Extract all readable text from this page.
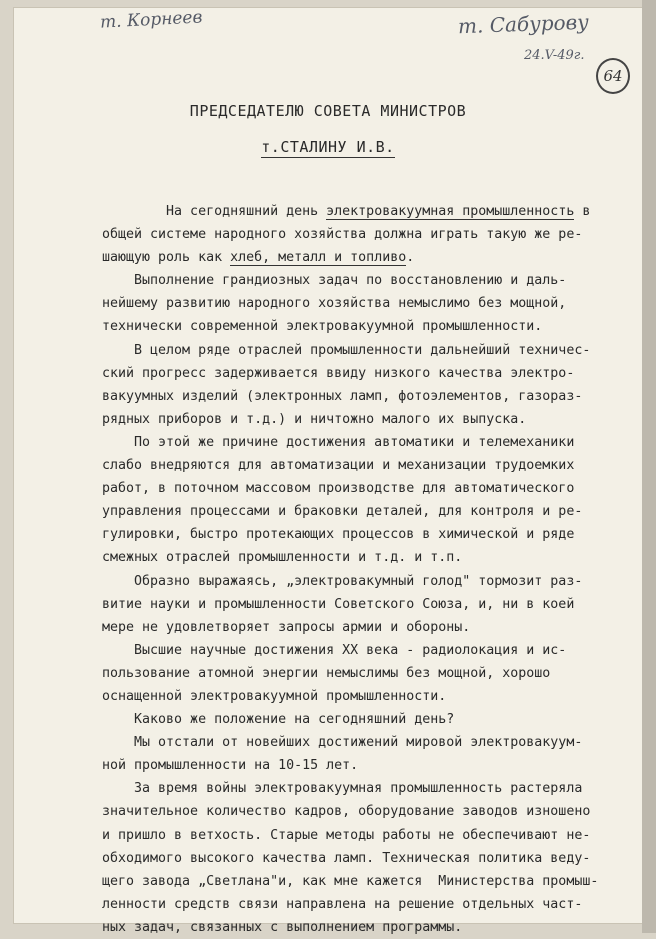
т. Корнеев	т. Сабурову
24.V-49г.
64
ПРЕДСЕДАТЕЛЮ СОВЕТА МИНИСТРОВ
т.СТАЛИНУ И.В.
На сегодняшний день электровакуумная промышленность в
общей системе народного хозяйства должна играть такую же ре-
шающую роль как хлеб, металл и топливо.
Выполнение грандиозных задач по восстановлению и даль-
нейшему развитию народного хозяйства немыслимо без мощной,
технически современной электровакуумной промышленности.
В целом ряде отраслей промышленности дальнейший техничес-
ский прогресс задерживается ввиду низкого качества электро-
вакуумных изделий (электронных ламп, фотоэлементов, газораз-
рядных приборов и т.д.) и ничтожно малого их выпуска.
По этой же причине достижения автоматики и телемеханики
слабо внедряются для автоматизации и механизации трудоемких
работ, в поточном массовом производстве для автоматического
управления процессами и браковки деталей, для контроля и ре-
гулировки, быстро протекающих процессов в химической и ряде
смежных отраслей промышленности и т.д. и т.п.
Образно выражаясь, „электровакумный голод" тормозит раз-
витие науки и промышленности Советского Союза, и, ни в коей
мере не удовлетворяет запросы армии и обороны.
Высшие научные достижения XX века - радиолокация и ис-
пользование атомной энергии немыслимы без мощной, хорошо
оснащенной электровакуумной промышленности.
Каково же положение на сегодняшний день?
Мы отстали от новейших достижений мировой электровакуум-
ной промышленности на 10-15 лет.
За время войны электровакуумная промышленность растеряла
значительное количество кадров, оборудование заводов изношено
и пришло в ветхость. Старые методы работы не обеспечивают не-
обходимого высокого качества ламп. Техническая политика веду-
щего завода „Светлана"и, как мне кажется  Министерства промыш-
ленности средств связи направлена на решение отдельных част-
ных задач, связанных с выполнением программы.
